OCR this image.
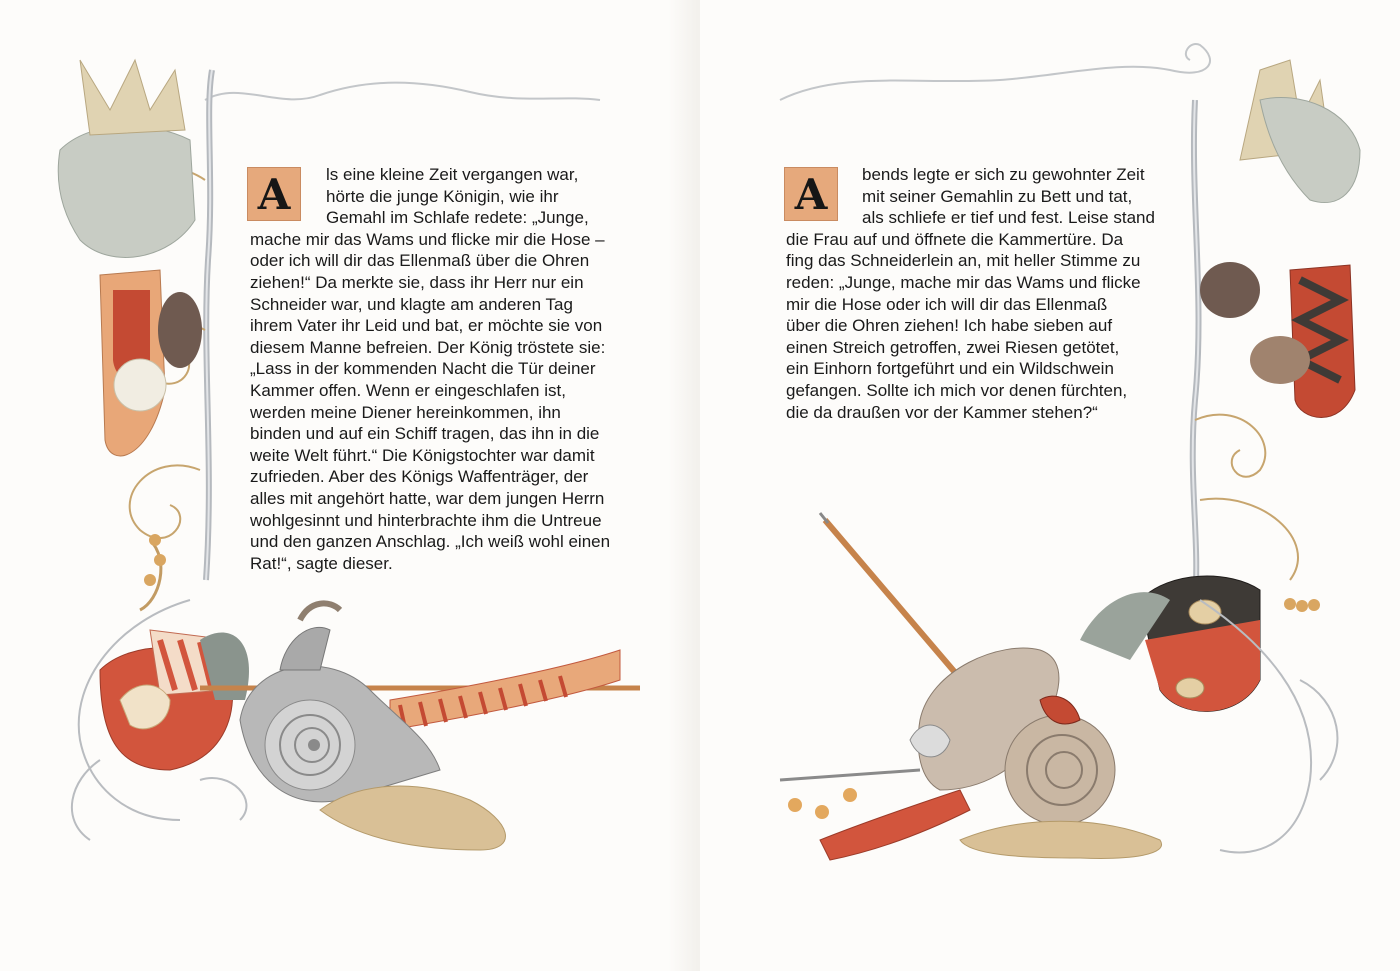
A	ls eine kleine Zeit vergangen war,
hörte die junge Königin, wie ihr
Gemahl im Schlafe redete: „Junge,
mache mir das Wams und flicke mir die Hose –
oder ich will dir das Ellenmaß über die Ohren
ziehen!“ Da merkte sie, dass ihr Herr nur ein
Schneider war, und klagte am anderen Tag
ihrem Vater ihr Leid und bat, er möchte sie von
diesem Manne befreien. Der König tröstete sie:
„Lass in der kommenden Nacht die Tür deiner
Kammer offen. Wenn er eingeschlafen ist,
werden meine Diener hereinkommen, ihn
binden und auf ein Schiff tragen, das ihn in die
weite Welt führt.“ Die Königstochter war damit
zufrieden. Aber des Königs Waffenträger, der
alles mit angehört hatte, war dem jungen Herrn
wohlgesinnt und hinterbrachte ihm die Untreue
und den ganzen Anschlag. „Ich weiß wohl einen
Rat!“, sagte dieser.
A	bends legte er sich zu gewohnter Zeit
mit seiner Gemahlin zu Bett und tat,
als schliefe er tief und fest. Leise stand
die Frau auf und öffnete die Kammertüre. Da
fing das Schneiderlein an, mit heller Stimme zu
reden: „Junge, mache mir das Wams und flicke
mir die Hose oder ich will dir das Ellenmaß
über die Ohren ziehen! Ich habe sieben auf
einen Streich getroffen, zwei Riesen getötet,
ein Einhorn fortgeführt und ein Wildschwein
gefangen. Sollte ich mich vor denen fürchten,
die da draußen vor der Kammer stehen?“
